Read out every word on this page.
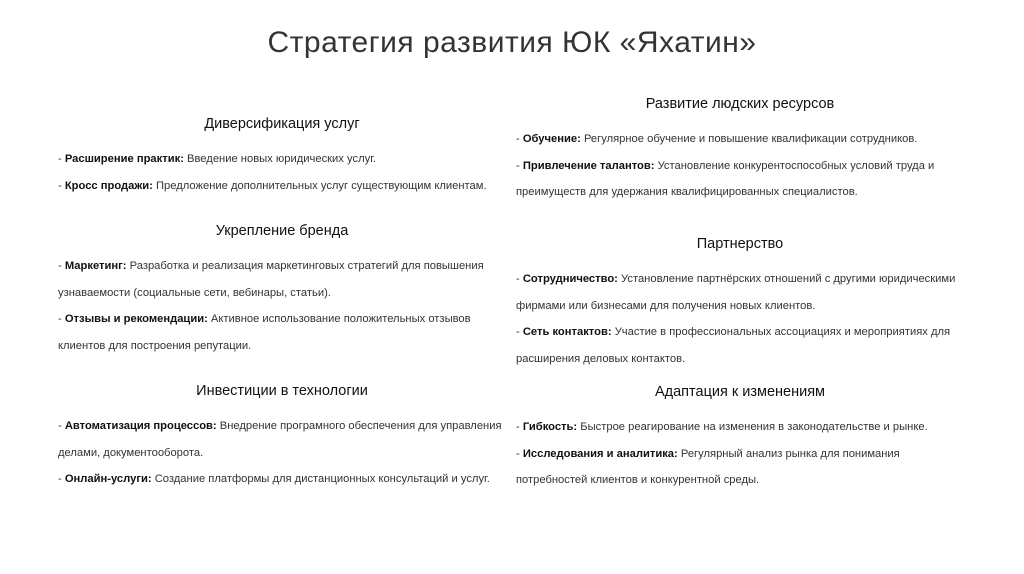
Стратегия развития ЮК «Яхатин»
Диверсификация услуг

- Расширение практик: Введение новых юридических услуг.

- Кросс продажи: Предложение дополнительных услуг существующим клиентам.

Укрепление бренда

- Маркетинг: Разработка и реализация маркетинговых стратегий для повышения узнаваемости (социальные сети, вебинары, статьи).

- Отзывы и рекомендации: Активное использование положительных отзывов клиентов для построения репутации.

Инвестиции в технологии

- Автоматизация процессов: Внедрение програмного обеспечения для управления делами, документооборота.

- Онлайн-услуги: Создание платформы для дистанционных консультаций и услуг.

Развитие людских ресурсов

- Обучение: Регулярное обучение и повышение квалификации сотрудников.

- Привлечение талантов: Установление конкурентоспособных условий труда и преимуществ для удержания квалифицированных специалистов.

Партнерство

- Сотрудничество: Установление партнёрских отношений с другими юридическими фирмами или бизнесами для получения новых клиентов.

- Сеть контактов: Участие в профессиональных ассоциациях и мероприятиях для расширения деловых контактов.

Адаптация к изменениям

- Гибкость: Быстрое реагирование на изменения в законодательстве и рынке.

- Исследования и аналитика: Регулярный анализ рынка для понимания потребностей клиентов и конкурентной среды.
